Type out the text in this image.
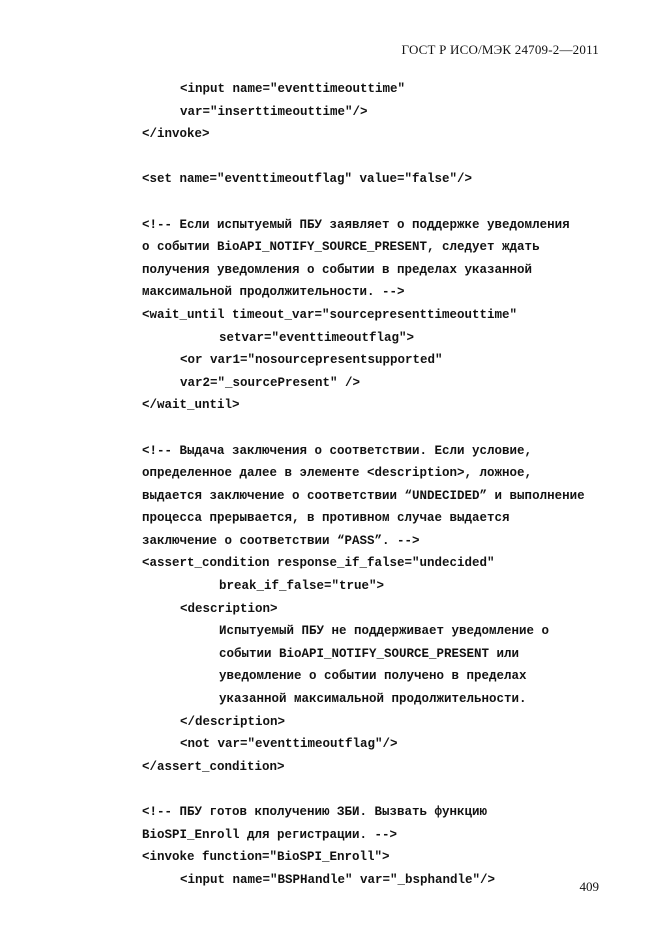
ГОСТ Р ИСО/МЭК 24709-2—2011
<input name="eventtimeouttime"
var="inserttimeouttime"/>
</invoke>
<set name="eventtimeoutflag" value="false"/>
<!-- Если испытуемый ПБУ заявляет о поддержке уведомления
о событии BioAPI_NOTIFY_SOURCE_PRESENT, следует ждать
получения уведомления о событии в пределах указанной
максимальной продолжительности. -->
<wait_until timeout_var="sourcepresenttimeouttime"
setvar="eventtimeoutflag">
<or var1="nosourcepresentsupported"
var2="_sourcePresent" />
</wait_until>
<!-- Выдача заключения о соответствии. Если условие,
определенное далее в элементе <description>, ложное,
выдается заключение о соответствии “UNDECIDED” и выполнение
процесса прерывается, в противном случае выдается
заключение о соответствии “PASS”. -->
<assert_condition response_if_false="undecided"
break_if_false="true">
<description>
Испытуемый ПБУ не поддерживает уведомление о
событии BioAPI_NOTIFY_SOURCE_PRESENT или
уведомление о событии получено в пределах
указанной максимальной продолжительности.
</description>
<not var="eventtimeoutflag"/>
</assert_condition>
<!-- ПБУ готов кполучению ЗБИ. Вызвать функцию
BioSPI_Enroll для регистрации. -->
<invoke function="BioSPI_Enroll">
<input name="BSPHandle" var="_bsphandle"/>	409
